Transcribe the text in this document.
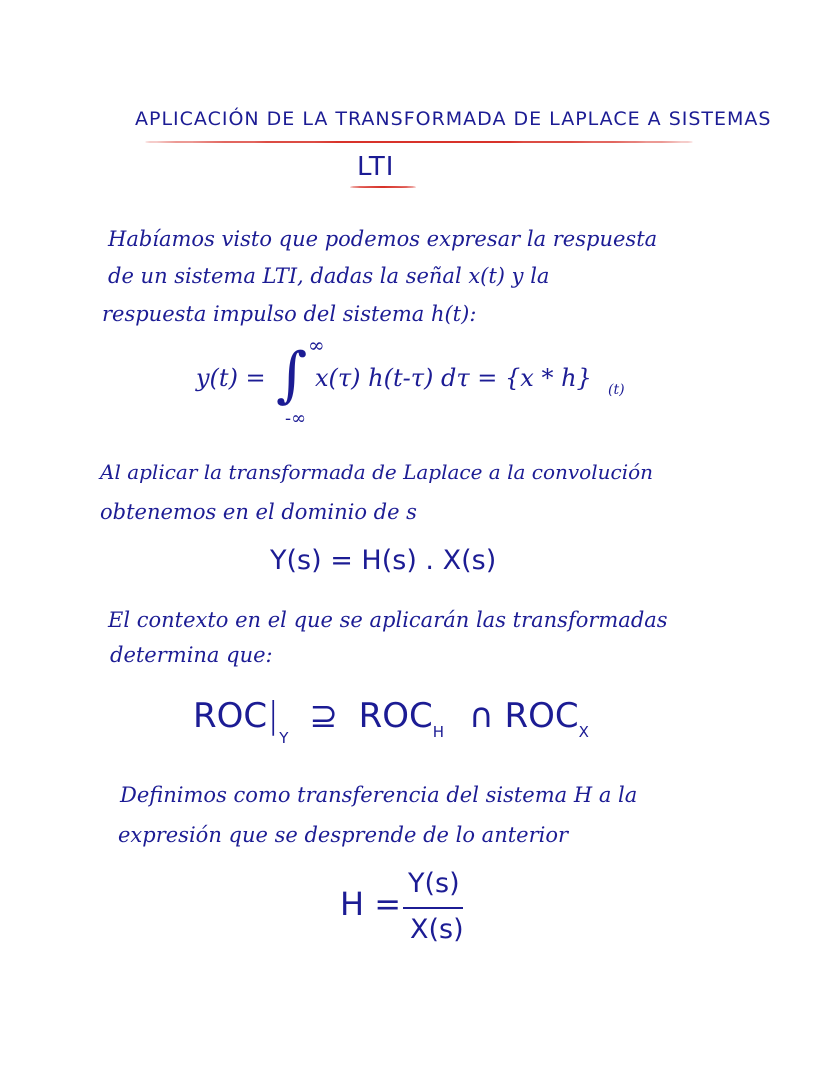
APLICACIÓN DE LA TRANSFORMADA DE LAPLACE A SISTEMAS
LTI
Habíamos visto que podemos expresar la respuesta
de un sistema LTI, dadas la señal x(t) y la
respuesta impulso del sistema h(t):
y(t) = ∫ ∞
-∞
x(τ) h(t-τ) dτ = {x * h} (t)
Al aplicar la transformada de Laplace a la convolución
obtenemos en el dominio de s
Y(s) = H(s) . X(s)
El contexto en el que se aplicarán las transformadas
determina que:
$ROC|_Y$ ⊇ $ROC_H$ ∩ $ROC_X$
Definimos como transferencia del sistema H a la
expresión que se desprende de lo anterior
H =
Y(s)
X(s)
